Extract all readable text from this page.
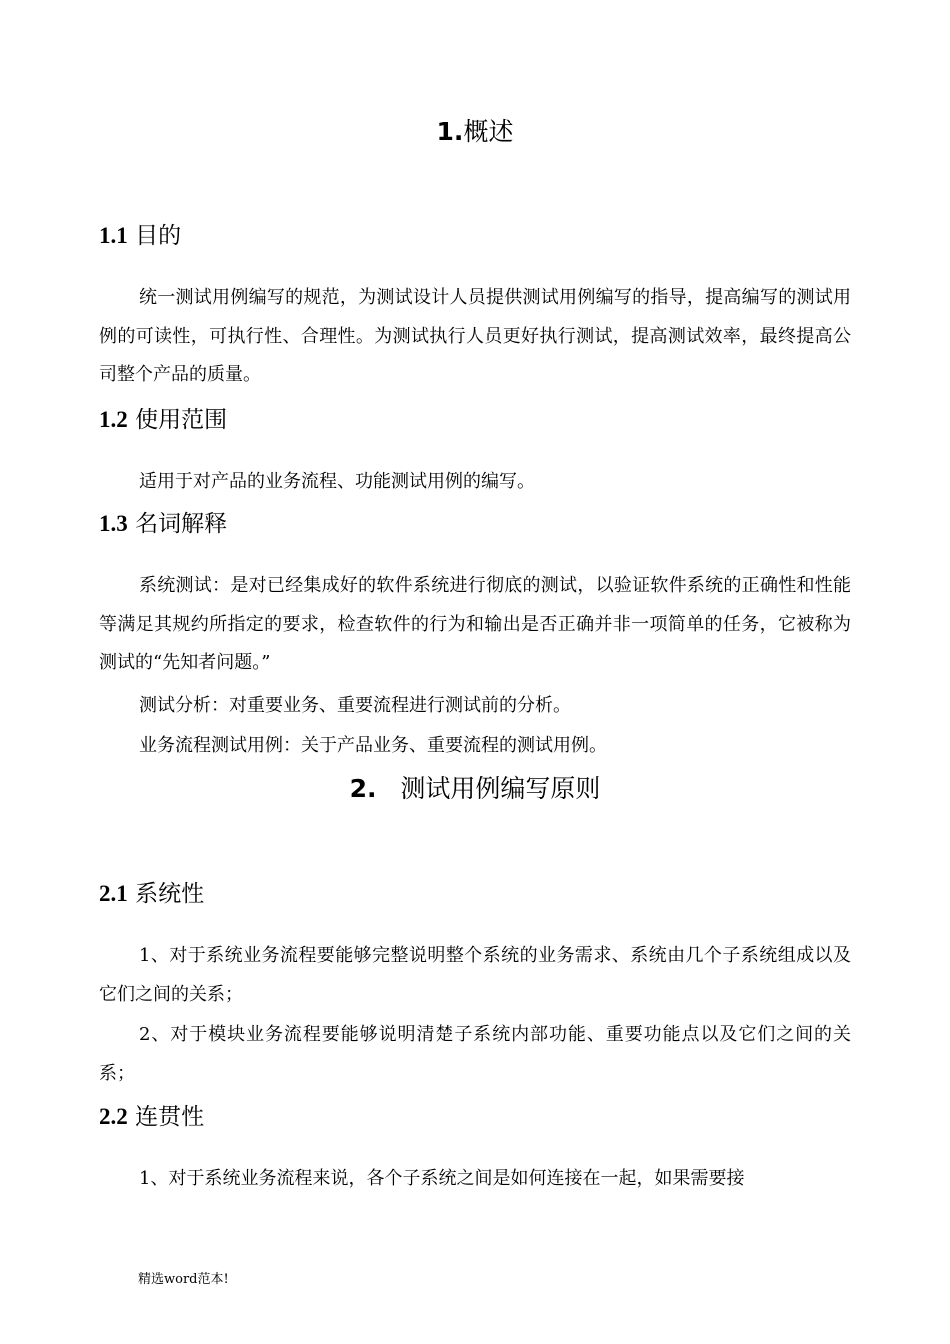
1.概述
1.1 目的

统一测试用例编写的规范，为测试设计人员提供测试用例编写的指导，提高编写的测试用例的可读性，可执行性、合理性。为测试执行人员更好执行测试，提高测试效率，最终提高公司整个产品的质量。

1.2 使用范围

适用于对产品的业务流程、功能测试用例的编写。

1.3 名词解释

系统测试：是对已经集成好的软件系统进行彻底的测试，以验证软件系统的正确性和性能等满足其规约所指定的要求，检查软件的行为和输出是否正确并非一项简单的任务，它被称为测试的“先知者问题。”

测试分析：对重要业务、重要流程进行测试前的分析。

业务流程测试用例：关于产品业务、重要流程的测试用例。

2. 测试用例编写原则
2.1 系统性

1、对于系统业务流程要能够完整说明整个系统的业务需求、系统由几个子系统组成以及它们之间的关系；

2、对于模块业务流程要能够说明清楚子系统内部功能、重要功能点以及它们之间的关系；

2.2 连贯性

1、对于系统业务流程来说，各个子系统之间是如何连接在一起，如果需要接

精选word范本!
